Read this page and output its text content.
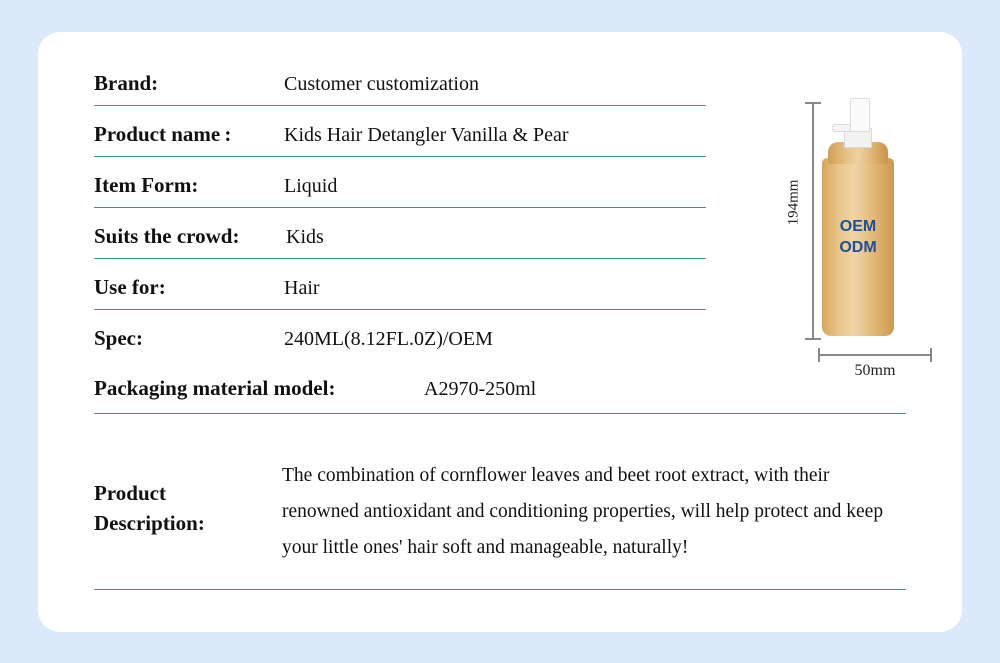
Brand:	Customer customization
Product name :	Kids Hair Detangler Vanilla & Pear
Item Form:	Liquid
Suits the crowd:	Kids
Use for:	Hair
Spec:	240ML(8.12FL.0Z)/OEM
Packaging material model:	A2970-250ml
Product
Description:
The combination of cornflower leaves and beet root extract, with their renowned antioxidant and conditioning properties, will help protect and keep your little ones' hair soft and manageable, naturally!
OEM
ODM
194mm
50mm
